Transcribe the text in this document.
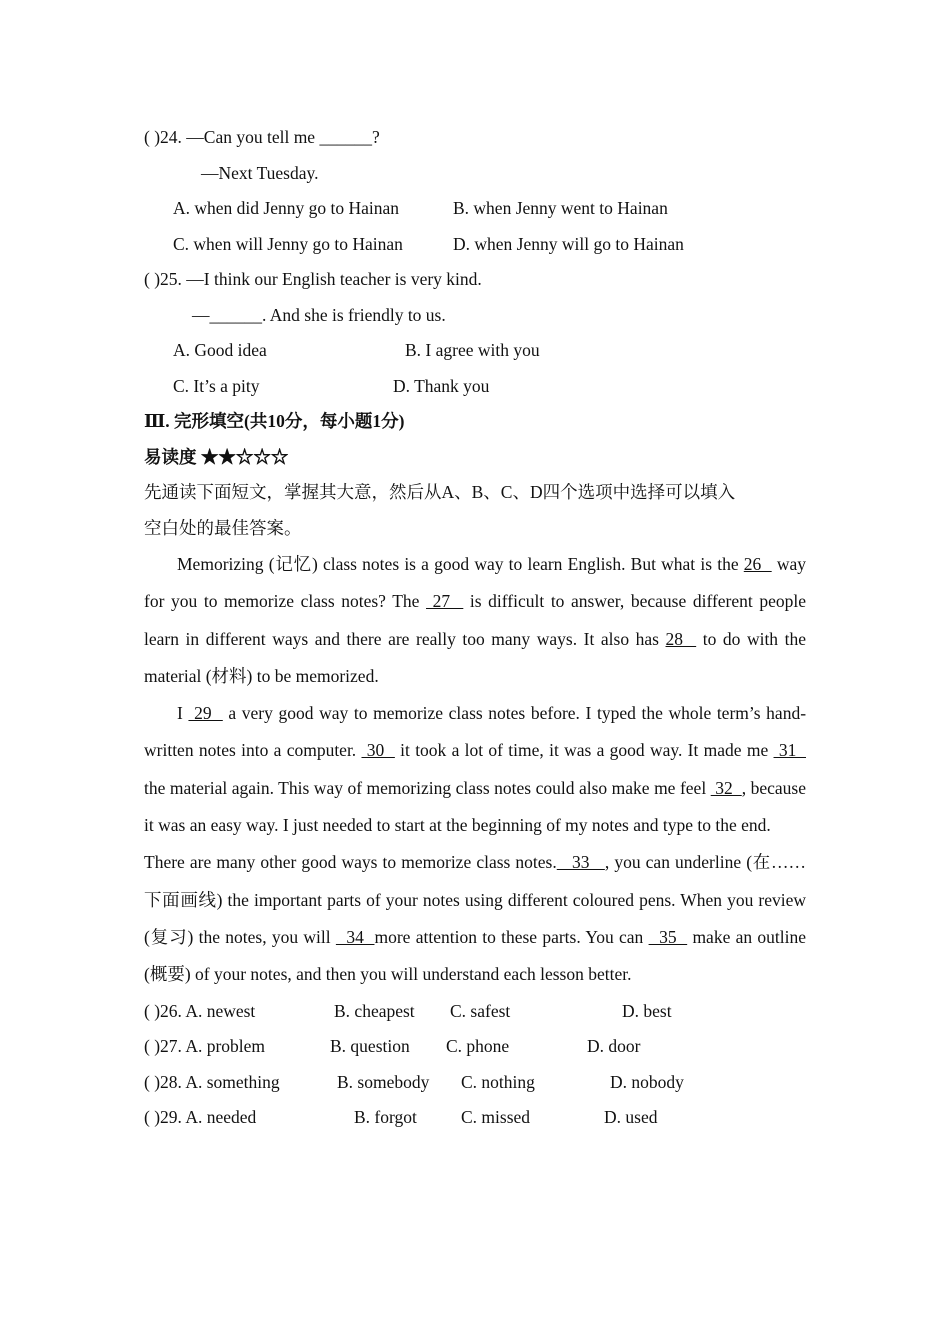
( )24. —Can you tell me ______?
—Next Tuesday.
A. when did Jenny go to Hainan	B. when Jenny went to Hainan
C. when will Jenny go to Hainan	D. when Jenny will go to Hainan
( )25. —I think our English teacher is very kind.
—______. And she is friendly to us.
A. Good idea	B. I agree with you
C. It’s a pity	D. Thank you
Ⅲ. 完形填空(共10分，每小题1分)
易读度 ★★☆☆☆
先通读下面短文，掌握其大意，然后从A、B、C、D四个选项中选择可以填入
空白处的最佳答案。

Memorizing (记忆) class notes is a good way to learn English. But what is the 26   way for you to memorize class notes? The  27   is difficult to answer, because different people learn in different ways and there are really too many ways. It also has 28   to do with the material (材料) to be memorized.

I  29   a very good way to memorize class notes before. I typed the whole term’s hand-written notes into a computer.  30   it took a lot of time, it was a good way. It made me  31   the material again. This way of memorizing class notes could also make me feel  32  , because it was an easy way. I just needed to start at the beginning of my notes and type to the end.

There are many other good ways to memorize class notes.   33   , you can underline (在……下面画线) the important parts of your notes using different coloured pens. When you review (复习) the notes, you will   34  more attention to these parts. You can   35   make an outline (概要) of your notes, and then you will understand each lesson better.

( )26. A. newest	B. cheapest C. safest	D. best
( )27. A. problem	B. question C. phone	D. door
( )28. A. something	B. somebody C. nothing	D. nobody
( )29. A. needed	B. forgot	C. missed	D. used
